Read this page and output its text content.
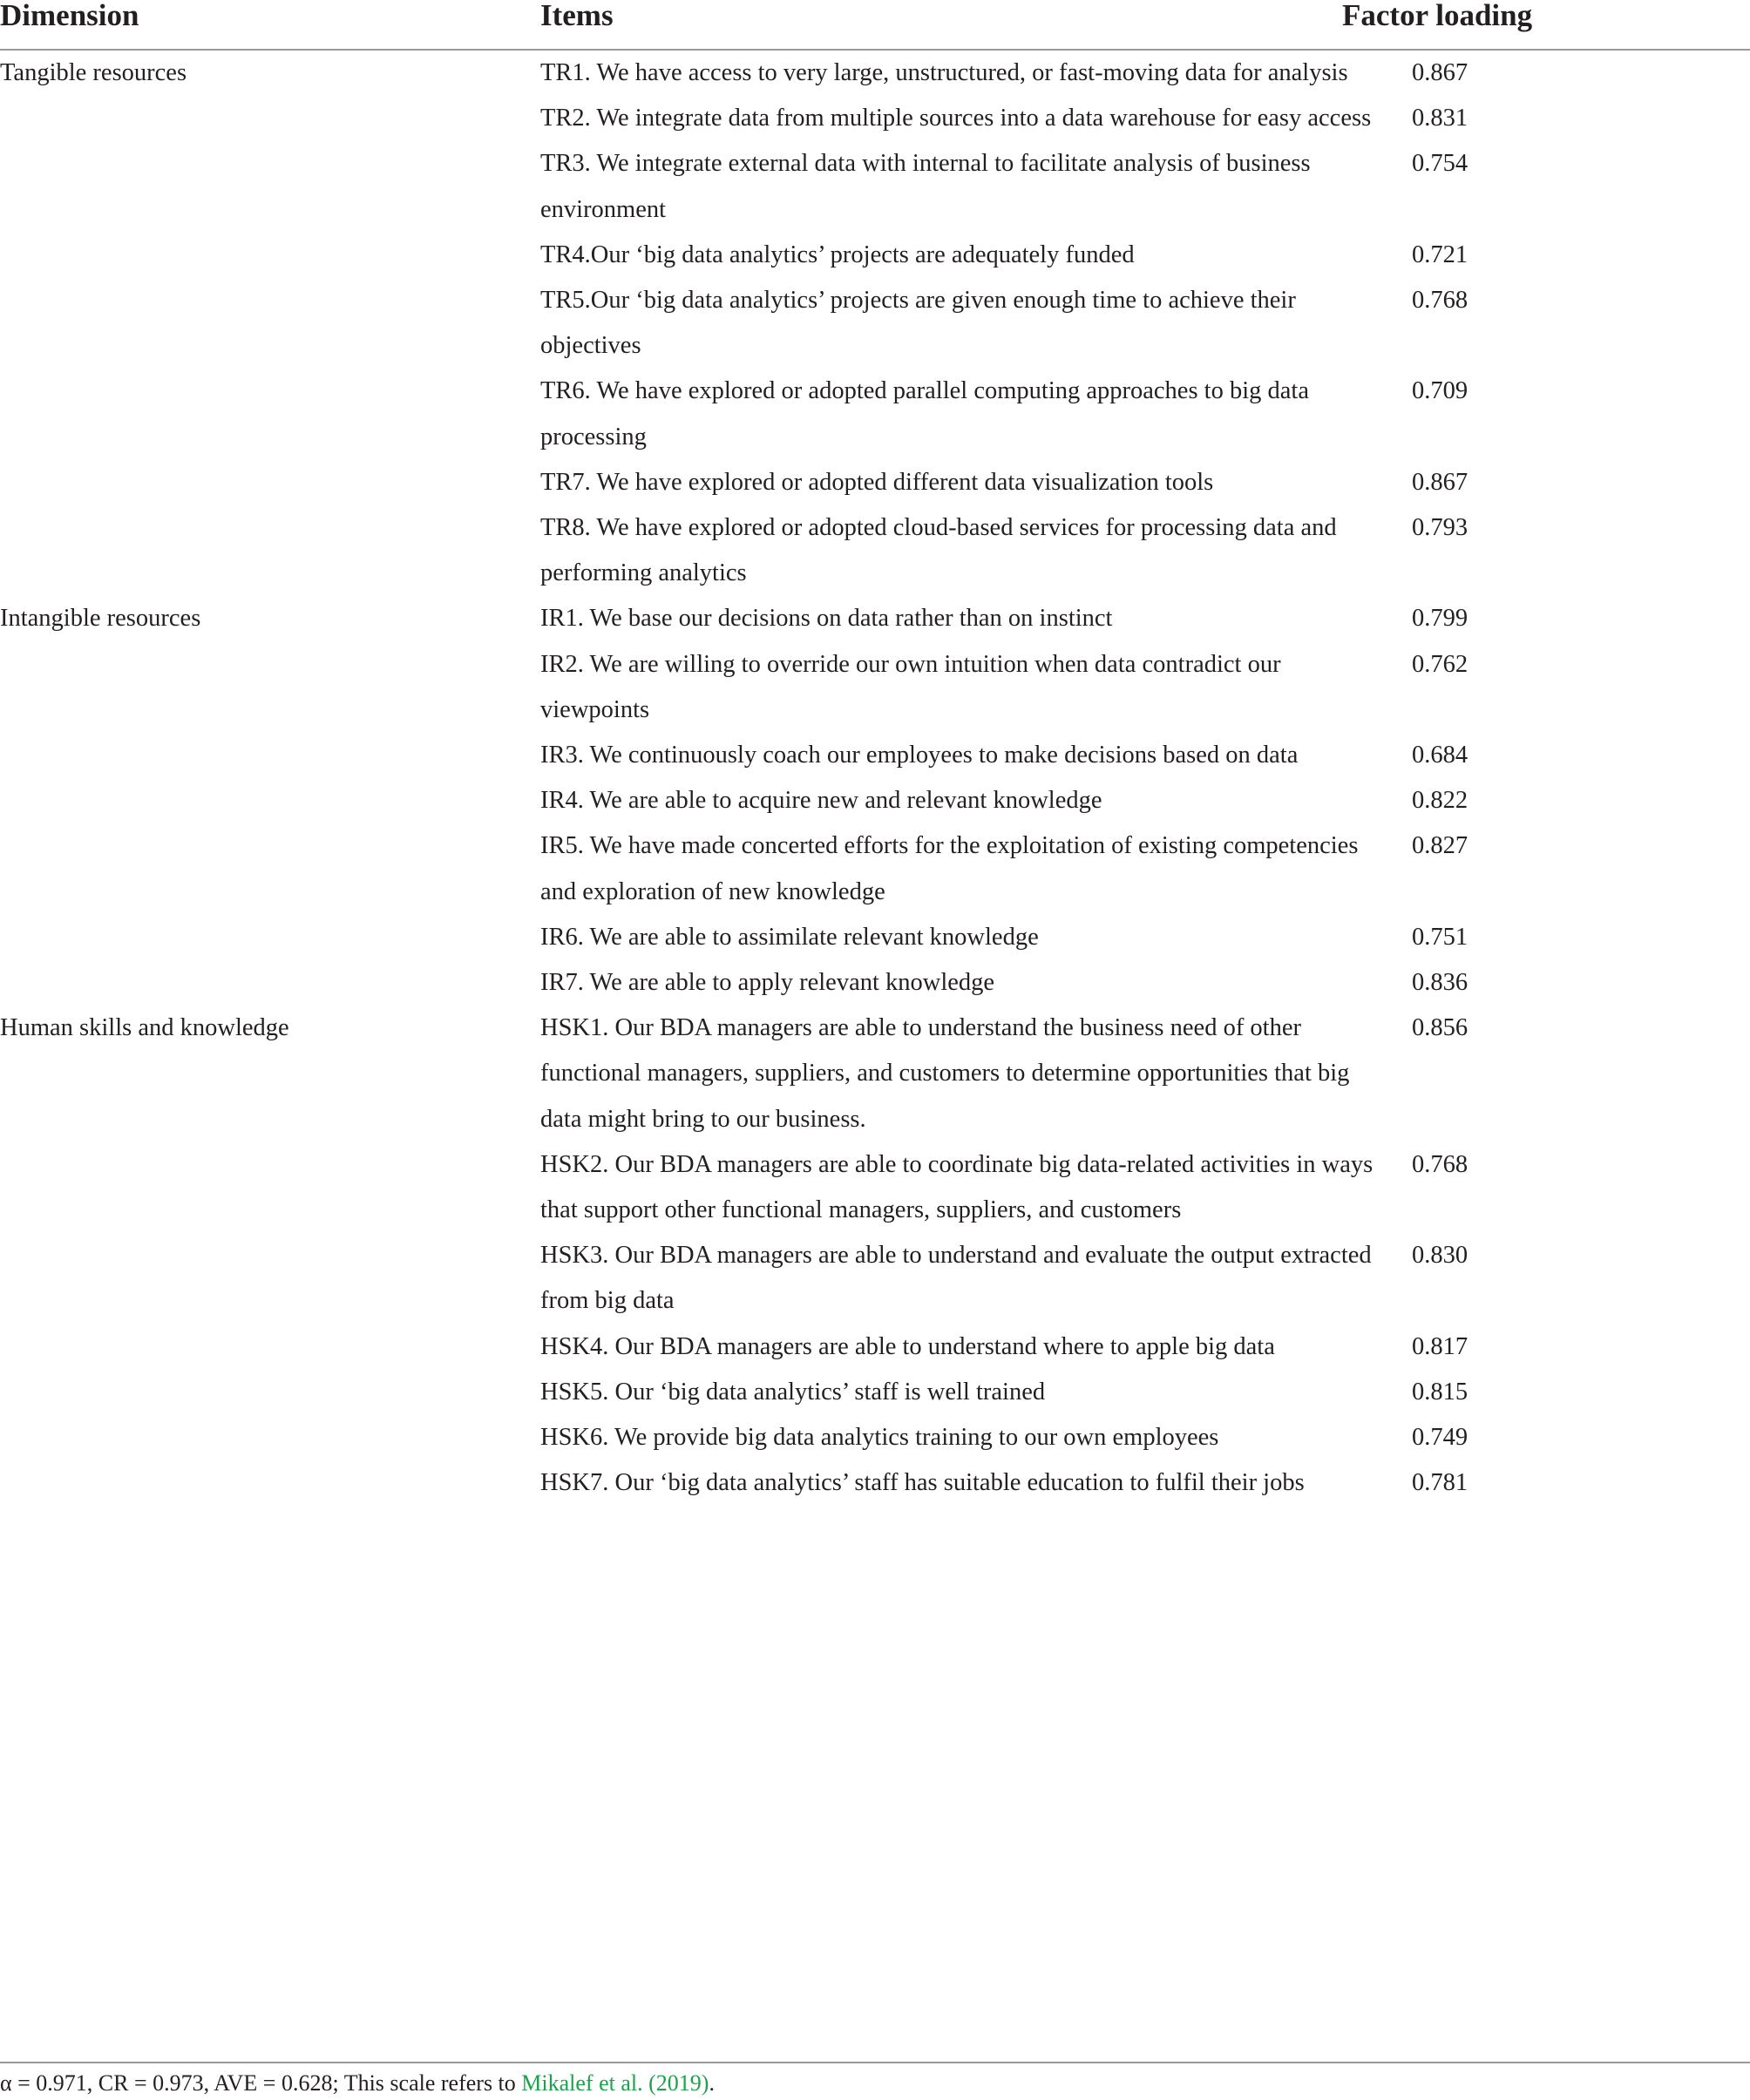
Dimension	Items	Factor loading
Tangible resources	TR1. We have access to very large, unstructured, or fast-moving data for analysis	0.867
	TR2. We integrate data from multiple sources into a data warehouse for easy access	0.831
	TR3. We integrate external data with internal to facilitate analysis of business environment	0.754
	TR4.Our ‘big data analytics’ projects are adequately funded	0.721
	TR5.Our ‘big data analytics’ projects are given enough time to achieve their objectives	0.768
	TR6. We have explored or adopted parallel computing approaches to big data processing	0.709
	TR7. We have explored or adopted different data visualization tools	0.867
	TR8. We have explored or adopted cloud-based services for processing data and performing analytics	0.793
Intangible resources	IR1. We base our decisions on data rather than on instinct	0.799
	IR2. We are willing to override our own intuition when data contradict our viewpoints	0.762
	IR3. We continuously coach our employees to make decisions based on data	0.684
	IR4. We are able to acquire new and relevant knowledge	0.822
	IR5. We have made concerted efforts for the exploitation of existing competencies and exploration of new knowledge	0.827
	IR6. We are able to assimilate relevant knowledge	0.751
	IR7. We are able to apply relevant knowledge	0.836
Human skills and knowledge	HSK1. Our BDA managers are able to understand the business need of other functional managers, suppliers, and customers to determine opportunities that big data might bring to our business.	0.856
	HSK2. Our BDA managers are able to coordinate big data-related activities in ways that support other functional managers, suppliers, and customers	0.768
	HSK3. Our BDA managers are able to understand and evaluate the output extracted from big data	0.830
	HSK4. Our BDA managers are able to understand where to apple big data	0.817
	HSK5. Our ‘big data analytics’ staff is well trained	0.815
	HSK6. We provide big data analytics training to our own employees	0.749
	HSK7. Our ‘big data analytics’ staff has suitable education to fulfil their jobs	0.781
α = 0.971, CR = 0.973, AVE = 0.628; This scale refers to Mikalef et al. (2019).
